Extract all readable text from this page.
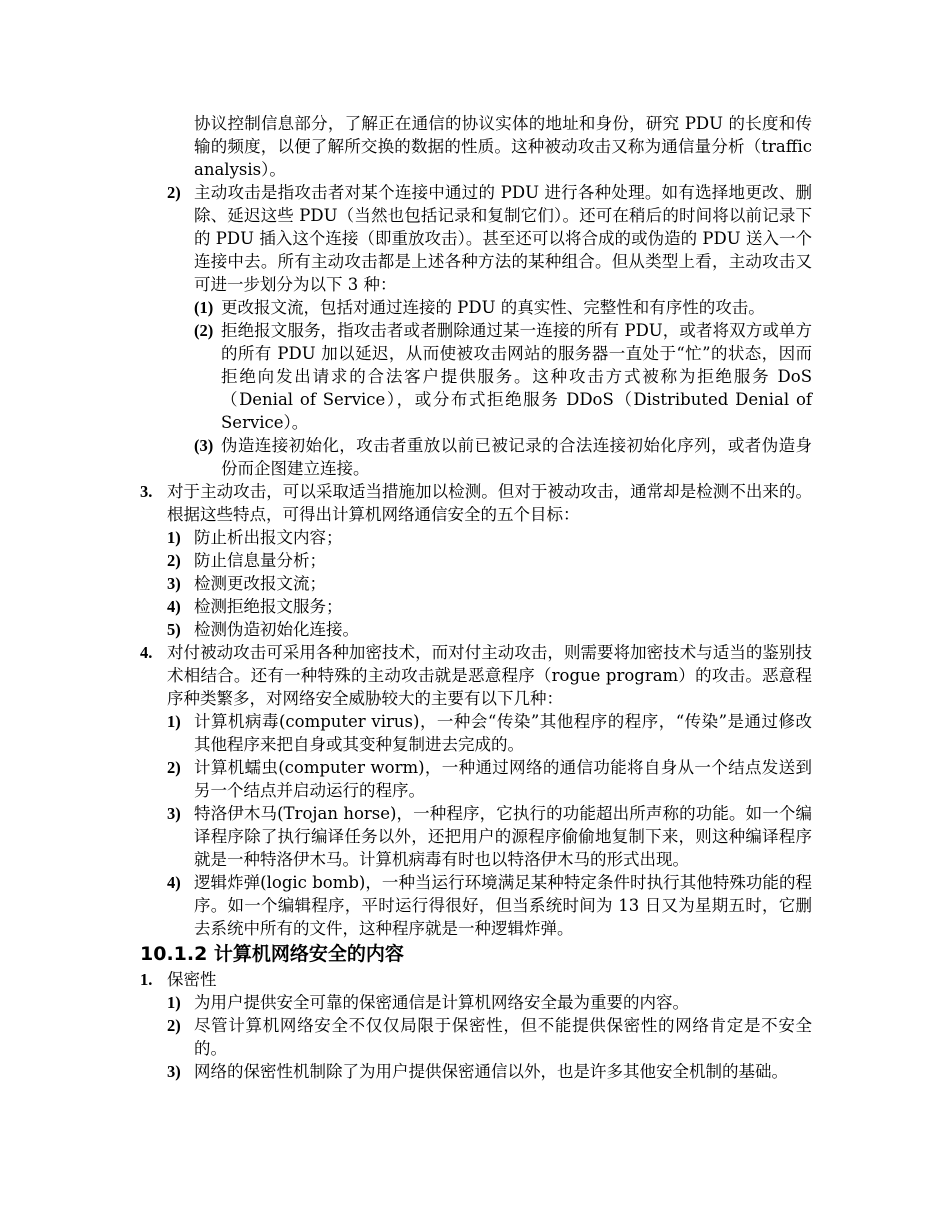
协议控制信息部分，了解正在通信的协议实体的地址和身份，研究 PDU 的长度和传输的频度，以便了解所交换的数据的性质。这种被动攻击又称为通信量分析（traffic analysis）。
2) 主动攻击是指攻击者对某个连接中通过的 PDU 进行各种处理。如有选择地更改、删除、延迟这些 PDU（当然也包括记录和复制它们）。还可在稍后的时间将以前记录下的 PDU 插入这个连接（即重放攻击）。甚至还可以将合成的或伪造的 PDU 送入一个连接中去。所有主动攻击都是上述各种方法的某种组合。但从类型上看，主动攻击又可进一步划分为以下 3 种：
(1) 更改报文流，包括对通过连接的 PDU 的真实性、完整性和有序性的攻击。
(2) 拒绝报文服务，指攻击者或者删除通过某一连接的所有 PDU，或者将双方或单方的所有 PDU 加以延迟，从而使被攻击网站的服务器一直处于“忙”的状态，因而拒绝向发出请求的合法客户提供服务。这种攻击方式被称为拒绝服务 DoS（Denial of Service），或分布式拒绝服务 DDoS（Distributed Denial of Service）。
(3) 伪造连接初始化，攻击者重放以前已被记录的合法连接初始化序列，或者伪造身份而企图建立连接。
3. 对于主动攻击，可以采取适当措施加以检测。但对于被动攻击，通常却是检测不出来的。根据这些特点，可得出计算机网络通信安全的五个目标：
1) 防止析出报文内容；
2) 防止信息量分析；
3) 检测更改报文流；
4) 检测拒绝报文服务；
5) 检测伪造初始化连接。
4. 对付被动攻击可采用各种加密技术，而对付主动攻击，则需要将加密技术与适当的鉴别技术相结合。还有一种特殊的主动攻击就是恶意程序（rogue program）的攻击。恶意程序种类繁多，对网络安全威胁较大的主要有以下几种：
1) 计算机病毒(computer virus)，一种会“传染”其他程序的程序，“传染”是通过修改其他程序来把自身或其变种复制进去完成的。
2) 计算机蠕虫(computer worm)，一种通过网络的通信功能将自身从一个结点发送到另一个结点并启动运行的程序。
3) 特洛伊木马(Trojan horse)，一种程序，它执行的功能超出所声称的功能。如一个编译程序除了执行编译任务以外，还把用户的源程序偷偷地复制下来，则这种编译程序就是一种特洛伊木马。计算机病毒有时也以特洛伊木马的形式出现。
4) 逻辑炸弹(logic bomb)，一种当运行环境满足某种特定条件时执行其他特殊功能的程序。如一个编辑程序，平时运行得很好，但当系统时间为 13 日又为星期五时，它删去系统中所有的文件，这种程序就是一种逻辑炸弹。
10.1.2 计算机网络安全的内容
1. 保密性
1) 为用户提供安全可靠的保密通信是计算机网络安全最为重要的内容。
2) 尽管计算机网络安全不仅仅局限于保密性，但不能提供保密性的网络肯定是不安全的。
3) 网络的保密性机制除了为用户提供保密通信以外，也是许多其他安全机制的基础。
